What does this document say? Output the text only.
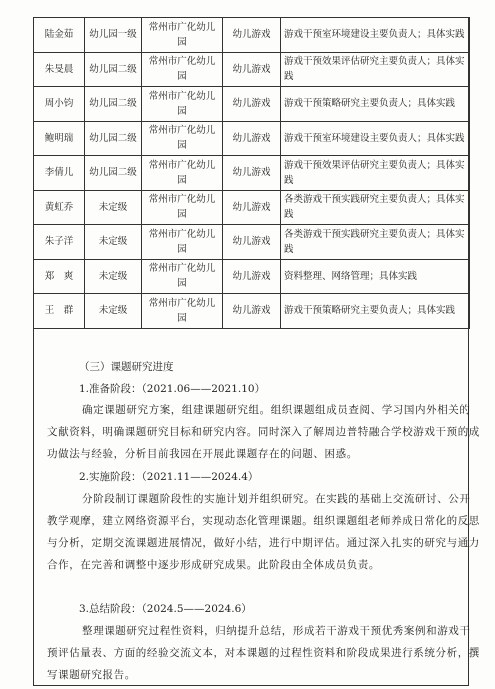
陆金茹	幼儿园一级	常州市广化幼儿园	幼儿游戏	游戏干预室环境建设主要负责人；具体实践
朱旻晨	幼儿园二级	常州市广化幼儿园	幼儿游戏	游戏干预效果评估研究主要负责人；具体实践
周小钧	幼儿园二级	常州市广化幼儿园	幼儿游戏	游戏干预策略研究主要负责人；具体实践
鲍明瑞	幼儿园二级	常州市广化幼儿园	幼儿游戏	游戏干预室环境建设主要负责人；具体实践
李倩儿	幼儿园二级	常州市广化幼儿园	幼儿游戏	游戏干预效果评估研究主要负责人；具体实践
黄虹乔	未定级	常州市广化幼儿园	幼儿游戏	各类游戏干预实践研究主要负责人；具体实践
朱子洋	未定级	常州市广化幼儿园	幼儿游戏	各类游戏干预实践研究主要负责人；具体实践
郑　爽	未定级	常州市广化幼儿园	幼儿游戏	资料整理、网络管理；具体实践
王　群	未定级	常州市广化幼儿园	幼儿游戏	游戏干预策略研究主要负责人；具体实践
（三）课题研究进度
1.准备阶段：（2021.06——2021.10）
确定课题研究方案，组建课题研究组。组织课题组成员查阅、学习国内外相关的文献资料，明确课题研究目标和研究内容。同时深入了解周边普特融合学校游戏干预的成功做法与经验，分析目前我园在开展此课题存在的问题、困惑。
2.实施阶段：（2021.11——2024.4）
分阶段制订课题阶段性的实施计划并组织研究。在实践的基础上交流研讨、公开教学观摩，建立网络资源平台，实现动态化管理课题。组织课题组老师养成日常化的反思与分析，定期交流课题进展情况，做好小结，进行中期评估。通过深入扎实的研究与通力合作，在完善和调整中逐步形成研究成果。此阶段由全体成员负责。
3.总结阶段：（2024.5——2024.6）
整理课题研究过程性资料，归纳提升总结，形成若干游戏干预优秀案例和游戏干预评估量表、方面的经验交流文本，对本课题的过程性资料和阶段成果进行系统分析，撰写课题研究报告。
